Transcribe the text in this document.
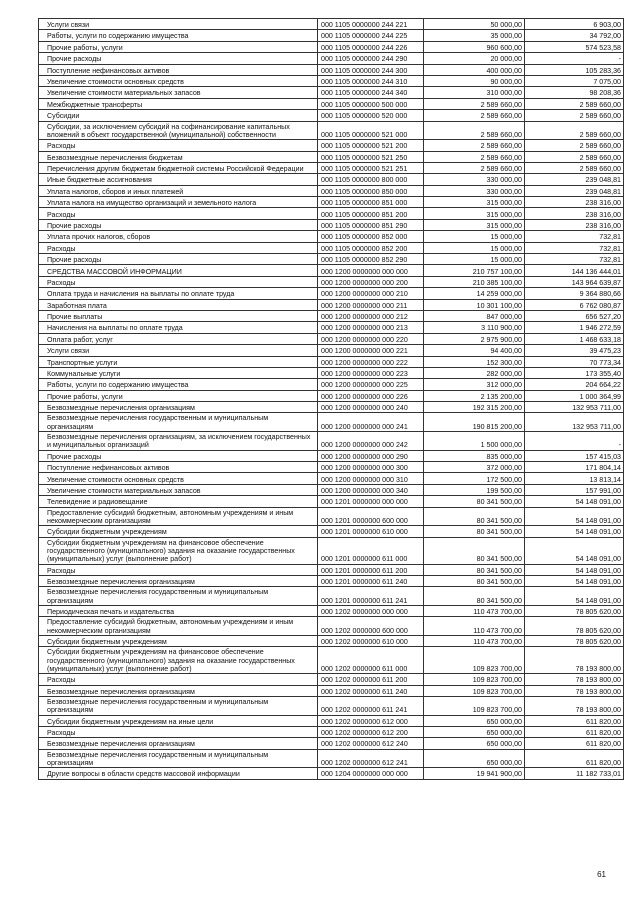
Услуги связи	000 1105 0000000 244 221	50 000,00	6 903,00
Работы, услуги по содержанию имущества	000 1105 0000000 244 225	35 000,00	34 792,00
Прочие работы, услуги	000 1105 0000000 244 226	960 600,00	574 523,58
Прочие расходы	000 1105 0000000 244 290	20 000,00	-
Поступление нефинансовых активов	000 1105 0000000 244 300	400 000,00	105 283,36
Увеличение стоимости основных средств	000 1105 0000000 244 310	90 000,00	7 075,00
Увеличение стоимости материальных запасов	000 1105 0000000 244 340	310 000,00	98 208,36
Межбюджетные трансферты	000 1105 0000000 500 000	2 589 660,00	2 589 660,00
Субсидии	000 1105 0000000 520 000	2 589 660,00	2 589 660,00
Субсидии, за исключением субсидий на софинансирование капитальных вложений в объект государственной (муниципальной) собственности	000 1105 0000000 521 000	2 589 660,00	2 589 660,00
Расходы	000 1105 0000000 521 200	2 589 660,00	2 589 660,00
Безвозмездные перечисления бюджетам	000 1105 0000000 521 250	2 589 660,00	2 589 660,00
Перечисления другим бюджетам бюджетной системы Российской Федерации	000 1105 0000000 521 251	2 589 660,00	2 589 660,00
Иные бюджетные ассигнования	000 1105 0000000 800 000	330 000,00	239 048,81
Уплата налогов, сборов и иных платежей	000 1105 0000000 850 000	330 000,00	239 048,81
Уплата налога на имущество организаций и земельного налога	000 1105 0000000 851 000	315 000,00	238 316,00
Расходы	000 1105 0000000 851 200	315 000,00	238 316,00
Прочие расходы	000 1105 0000000 851 290	315 000,00	238 316,00
Уплата прочих налогов, сборов	000 1105 0000000 852 000	15 000,00	732,81
Расходы	000 1105 0000000 852 200	15 000,00	732,81
Прочие расходы	000 1105 0000000 852 290	15 000,00	732,81
СРЕДСТВА МАССОВОЙ ИНФОРМАЦИИ	000 1200 0000000 000 000	210 757 100,00	144 136 444,01
Расходы	000 1200 0000000 000 200	210 385 100,00	143 964 639,87
Оплата труда и начисления на выплаты по оплате труда	000 1200 0000000 000 210	14 259 000,00	9 364 880,66
Заработная плата	000 1200 0000000 000 211	10 301 100,00	6 762 080,87
Прочие выплаты	000 1200 0000000 000 212	847 000,00	656 527,20
Начисления на выплаты по оплате труда	000 1200 0000000 000 213	3 110 900,00	1 946 272,59
Оплата работ, услуг	000 1200 0000000 000 220	2 975 900,00	1 468 633,18
Услуги связи	000 1200 0000000 000 221	94 400,00	39 475,23
Транспортные услуги	000 1200 0000000 000 222	152 300,00	70 773,34
Коммунальные услуги	000 1200 0000000 000 223	282 000,00	173 355,40
Работы, услуги по содержанию имущества	000 1200 0000000 000 225	312 000,00	204 664,22
Прочие работы, услуги	000 1200 0000000 000 226	2 135 200,00	1 000 364,99
Безвозмездные перечисления организациям	000 1200 0000000 000 240	192 315 200,00	132 953 711,00
Безвозмездные перечисления государственным и муниципальным организациям	000 1200 0000000 000 241	190 815 200,00	132 953 711,00
Безвозмездные перечисления организациям, за исключением государственных и муниципальных организаций	000 1200 0000000 000 242	1 500 000,00	-
Прочие расходы	000 1200 0000000 000 290	835 000,00	157 415,03
Поступление нефинансовых активов	000 1200 0000000 000 300	372 000,00	171 804,14
Увеличение стоимости основных средств	000 1200 0000000 000 310	172 500,00	13 813,14
Увеличение стоимости материальных запасов	000 1200 0000000 000 340	199 500,00	157 991,00
Телевидение и радиовещание	000 1201 0000000 000 000	80 341 500,00	54 148 091,00
Предоставление субсидий бюджетным, автономным учреждениям и иным некоммерческим организациям	000 1201 0000000 600 000	80 341 500,00	54 148 091,00
Субсидии бюджетным учреждениям	000 1201 0000000 610 000	80 341 500,00	54 148 091,00
Субсидии бюджетным учреждениям на финансовое обеспечение государственного (муниципального) задания на оказание государственных (муниципальных) услуг (выполнение работ)	000 1201 0000000 611 000	80 341 500,00	54 148 091,00
Расходы	000 1201 0000000 611 200	80 341 500,00	54 148 091,00
Безвозмездные перечисления организациям	000 1201 0000000 611 240	80 341 500,00	54 148 091,00
Безвозмездные перечисления государственным и муниципальным организациям	000 1201 0000000 611 241	80 341 500,00	54 148 091,00
Периодическая печать и издательства	000 1202 0000000 000 000	110 473 700,00	78 805 620,00
Предоставление субсидий бюджетным, автономным учреждениям и иным некоммерческим организациям	000 1202 0000000 600 000	110 473 700,00	78 805 620,00
Субсидии бюджетным учреждениям	000 1202 0000000 610 000	110 473 700,00	78 805 620,00
Субсидии бюджетным учреждениям на финансовое обеспечение государственного (муниципального) задания на оказание государственных (муниципальных) услуг (выполнение работ)	000 1202 0000000 611 000	109 823 700,00	78 193 800,00
Расходы	000 1202 0000000 611 200	109 823 700,00	78 193 800,00
Безвозмездные перечисления организациям	000 1202 0000000 611 240	109 823 700,00	78 193 800,00
Безвозмездные перечисления государственным и муниципальным организациям	000 1202 0000000 611 241	109 823 700,00	78 193 800,00
Субсидии бюджетным учреждениям на иные цели	000 1202 0000000 612 000	650 000,00	611 820,00
Расходы	000 1202 0000000 612 200	650 000,00	611 820,00
Безвозмездные перечисления организациям	000 1202 0000000 612 240	650 000,00	611 820,00
Безвозмездные перечисления государственным и муниципальным организациям	000 1202 0000000 612 241	650 000,00	611 820,00
Другие вопросы в области средств массовой информации	000 1204 0000000 000 000	19 941 900,00	11 182 733,01
61
